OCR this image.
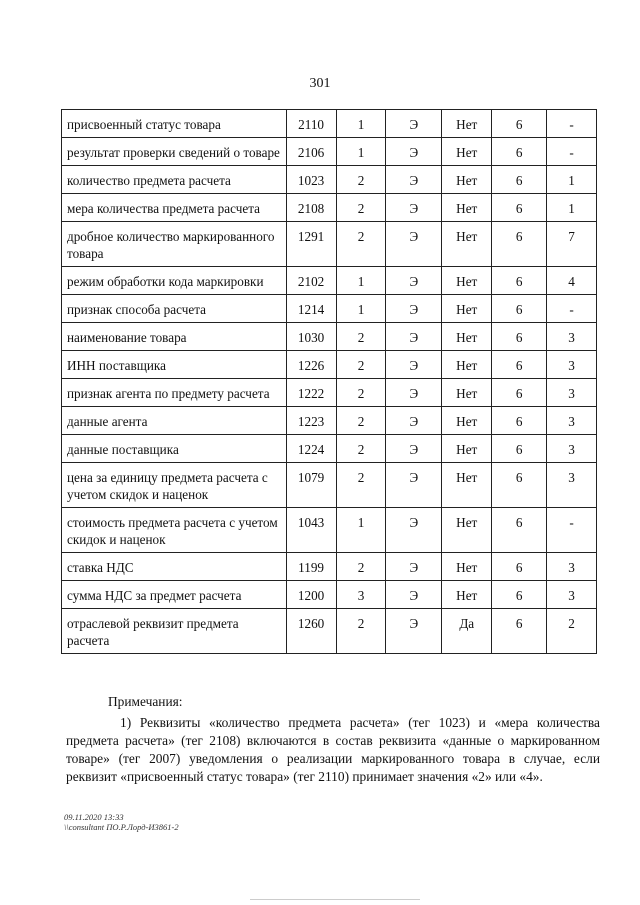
301
присвоенный статус товара	2110	1	Э	Нет	6	-
результат проверки сведений о товаре	2106	1	Э	Нет	6	-
количество предмета расчета	1023	2	Э	Нет	6	1
мера количества предмета расчета	2108	2	Э	Нет	6	1
дробное количество маркированного товара	1291	2	Э	Нет	6	7
режим обработки кода маркировки	2102	1	Э	Нет	6	4
признак способа расчета	1214	1	Э	Нет	6	-
наименование товара	1030	2	Э	Нет	6	3
ИНН поставщика	1226	2	Э	Нет	6	3
признак агента по предмету расчета	1222	2	Э	Нет	6	3
данные агента	1223	2	Э	Нет	6	3
данные поставщика	1224	2	Э	Нет	6	3
цена за единицу предмета расчета с учетом скидок и наценок	1079	2	Э	Нет	6	3
стоимость предмета расчета с учетом скидок и наценок	1043	1	Э	Нет	6	-
ставка НДС	1199	2	Э	Нет	6	3
сумма НДС за предмет расчета	1200	3	Э	Нет	6	3
отраслевой реквизит предмета расчета	1260	2	Э	Да	6	2
Примечания:

1) Реквизиты «количество предмета расчета» (тег 1023) и «мера количества предмета расчета» (тег 2108) включаются в состав реквизита «данные о маркированном товаре» (тег 2007) уведомления о реализации маркированного товара в случае, если реквизит «присвоенный статус товара» (тег 2110) принимает значения «2» или «4».

09.11.2020 13:33
\\consultant ПО.Р.Лорд-И3861-2
